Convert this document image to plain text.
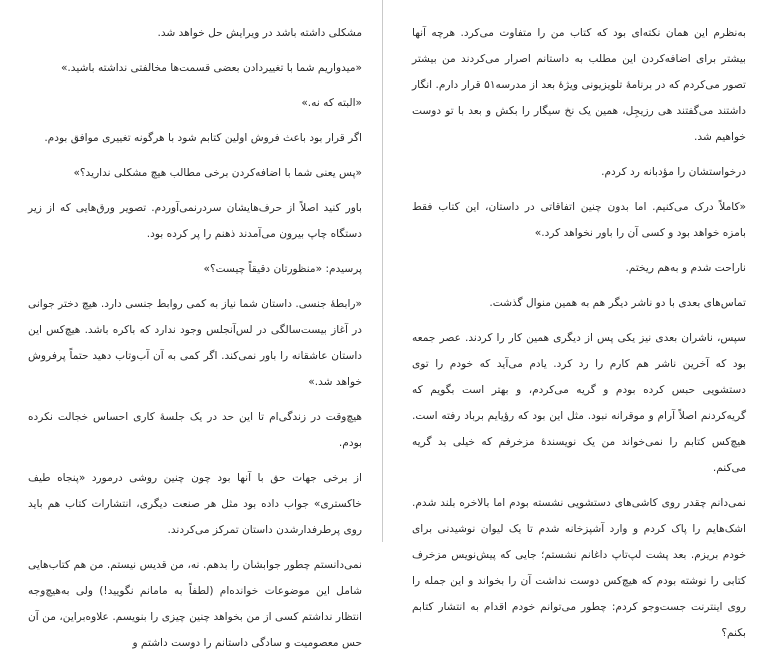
مشکلی داشته باشد در ویرایش حل خواهد شد.

«میدواریم شما با تغییردادن بعضی قسمت‌ها مخالفتی نداشته باشید.»

«البته که نه.»

اگر قرار بود باعث فروش اولین کتابم شود با هرگونه تغییری موافق بودم.

«پس یعنی شما با اضافه‌کردن برخی مطالب هیچ مشکلی ندارید؟»

باور کنید اصلاً از حرف‌هایشان سردرنمی‌آوردم. تصویر ورق‌هایی که از زیر دستگاه چاپ بیرون می‌آمدند ذهنم را پر کرده بود.

پرسیدم: «منظورتان دقیقاً چیست؟»

«رابطهٔ جنسی. داستان شما نیاز به کمی روابط جنسی دارد. هیچ دختر جوانی در آغاز بیست‌سالگی در لس‌آنجلس وجود ندارد که باکره باشد. هیچ‌کس این داستان عاشقانه را باور نمی‌کند. اگر کمی به آن آب‌وتاب دهید حتماً پرفروش خواهد شد.»

هیچ‌وقت در زندگی‌ام تا این حد در یک جلسهٔ کاری احساس خجالت نکرده بودم.

از برخی جهات حق با آنها بود چون چنین روشی درمورد «پنجاه طیف خاکستری» جواب داده بود مثل هر صنعت دیگری، انتشارات کتاب هم باید روی پرطرفدارشدن داستان تمرکز می‌کردند.

نمی‌دانستم چطور جوابشان را بدهم. نه، من قدیس نیستم. من هم کتاب‌هایی شامل این موضوعات خوانده‌ام (لطفاً به مامانم نگویید!) ولی به‌هیچ‌وجه انتظار نداشتم کسی از من بخواهد چنین چیزی را بنویسم. علاوه‌براین، من آن حس معصومیت و سادگی داستانم را دوست داشتم و

به‌نظرم این همان نکته‌ای بود که کتاب من را متفاوت می‌کرد. هرچه آنها بیشتر برای اضافه‌کردن این مطلب به داستانم اصرار می‌کردند من بیشتر تصور می‌کردم که در برنامهٔ تلویزیونی ویژهٔ بعد از مدرسه۵۱ قرار دارم. انگار داشتند می‌گفتند هی رزیجِل، همین یک نخ سیگار را بکش و بعد با تو دوست خواهیم شد.

درخواستشان را مؤدبانه رد کردم.

«کاملاً درک می‌کنیم. اما بدون چنین اتفاقاتی در داستان، این کتاب فقط بامزه خواهد بود و کسی آن را باور نخواهد کرد.»

ناراحت شدم و به‌هم ریختم.

تماس‌های بعدی با دو ناشر دیگر هم به همین منوال گذشت.

سپس، ناشران بعدی نیز یکی پس از دیگری همین کار را کردند. عصر جمعه بود که آخرین ناشر هم کارم را رد کرد. یادم می‌آید که خودم را توی دستشویی حبس کرده بودم و گریه می‌کردم، و بهتر است بگویم که گریه‌کردنم اصلاً آرام و موقرانه نبود. مثل این بود که رؤیایم برباد رفته است. هیچ‌کس کتابم را نمی‌خواند من یک نویسندهٔ مزخرفم که خیلی بد گریه می‌کنم.

نمی‌دانم چقدر روی کاشی‌های دستشویی نشسته بودم اما بالاخره بلند شدم. اشک‌هایم را پاک کردم و وارد آشپزخانه شدم تا یک لیوان نوشیدنی برای خودم بریزم. بعد پشت لپ‌تاپ داغانم نشستم؛ جایی که پیش‌نویس مزخرف کتابی را نوشته بودم که هیچ‌کس دوست نداشت آن را بخواند و این جمله را روی اینترنت جست‌وجو کردم: چطور می‌توانم خودم اقدام به انتشار کتابم بکنم؟
